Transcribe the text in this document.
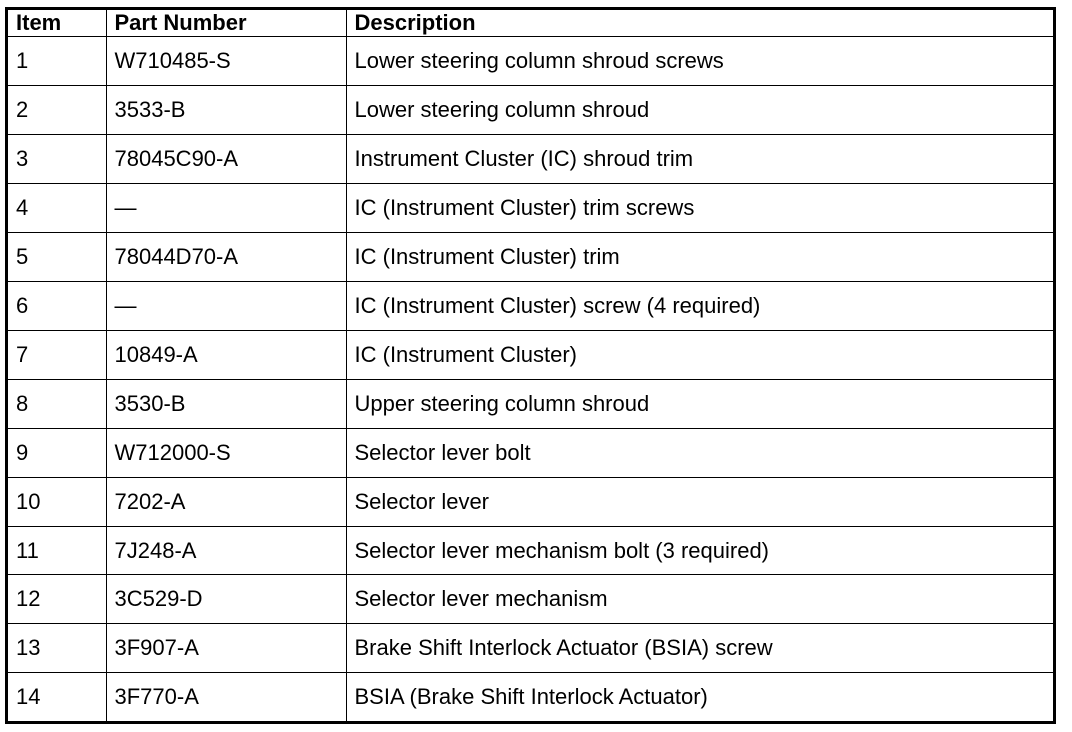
Item	Part Number	Description
1	W710485-S	Lower steering column shroud screws
2	3533-B	Lower steering column shroud
3	78045C90-A	Instrument Cluster (IC) shroud trim
4	—	IC (Instrument Cluster) trim screws
5	78044D70-A	IC (Instrument Cluster) trim
6	—	IC (Instrument Cluster) screw (4 required)
7	10849-A	IC (Instrument Cluster)
8	3530-B	Upper steering column shroud
9	W712000-S	Selector lever bolt
10	7202-A	Selector lever
11	7J248-A	Selector lever mechanism bolt (3 required)
12	3C529-D	Selector lever mechanism
13	3F907-A	Brake Shift Interlock Actuator (BSIA) screw
14	3F770-A	BSIA (Brake Shift Interlock Actuator)
